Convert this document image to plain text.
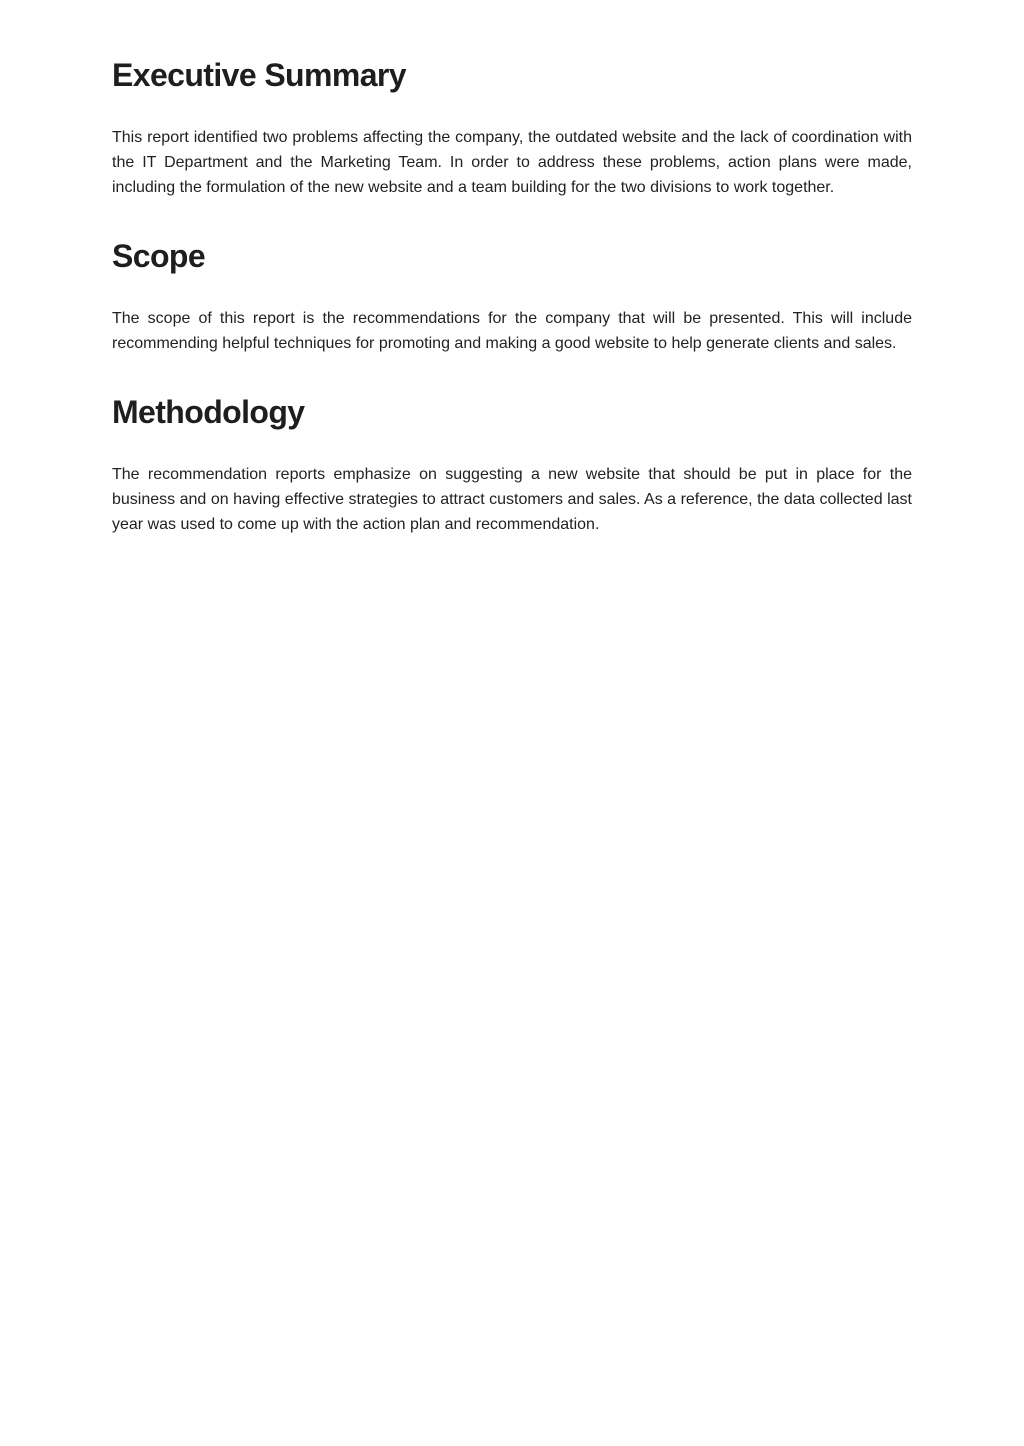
Executive Summary

This report identified two problems affecting the company, the outdated website and the lack of coordination with the IT Department and the Marketing Team. In order to address these problems, action plans were made, including the formulation of the new website and a team building for the two divisions to work together.

Scope

The scope of this report is the recommendations for the company that will be presented. This will include recommending helpful techniques for promoting and making a good website to help generate clients and sales.

Methodology

The recommendation reports emphasize on suggesting a new website that should be put in place for the business and on having effective strategies to attract customers and sales. As a reference, the data collected last year was used to come up with the action plan and recommendation.
